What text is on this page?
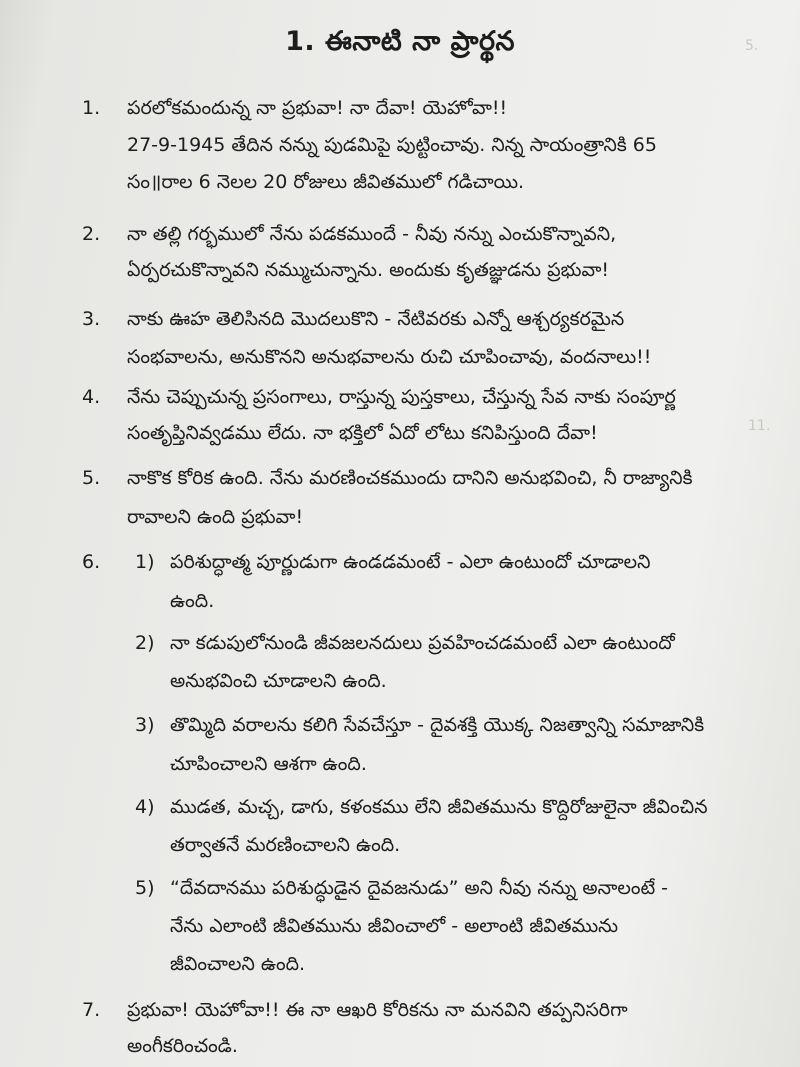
5.
11.
1. ఈనాటి నా ప్రార్థన
1. పరలోకమందున్న నా ప్రభువా! నా దేవా! యెహోవా!!
27-9-1945 తేదిన నన్ను పుడమిపై పుట్టించావు. నిన్న సాయంత్రానికి 65
సం॥రాల 6 నెలల 20 రోజులు జీవితములో గడిచాయి.
2. నా తల్లి గర్భములో నేను పడకముందే - నీవు నన్ను ఎంచుకొన్నావని,
ఏర్పరచుకొన్నావని నమ్ముచున్నాను. అందుకు కృతజ్ఞుడను ప్రభువా!
3. నాకు ఊహ తెలిసినది మొదలుకొని - నేటివరకు ఎన్నో ఆశ్చర్యకరమైన
సంభవాలను, అనుకొనని అనుభవాలను రుచి చూపించావు, వందనాలు!!
4. నేను చెప్పుచున్న ప్రసంగాలు, రాస్తున్న పుస్తకాలు, చేస్తున్న సేవ నాకు సంపూర్ణ
సంతృప్తినివ్వడము లేదు. నా భక్తిలో ఏదో లోటు కనిపిస్తుంది దేవా!
5. నాకొక కోరిక ఉంది. నేను మరణించకముందు దానిని అనుభవించి, నీ రాజ్యానికి
రావాలని ఉంది ప్రభువా!
6. 1) పరిశుద్ధాత్మ పూర్ణుడుగా ఉండడమంటే - ఎలా ఉంటుందో చూడాలని
ఉంది.
2) నా కడుపులోనుండి జీవజలనదులు ప్రవహించడమంటే ఎలా ఉంటుందో
అనుభవించి చూడాలని ఉంది.
3) తొమ్మిది వరాలను కలిగి సేవచేస్తూ - దైవశక్తి యొక్క నిజత్వాన్ని సమాజానికి
చూపించాలని ఆశగా ఉంది.
4) ముడత, మచ్చ, డాగు, కళంకము లేని జీవితమును కొద్దిరోజులైనా జీవించిన
తర్వాతనే మరణించాలని ఉంది.
5) “దేవదానము పరిశుద్ధుడైన దైవజనుడు” అని నీవు నన్ను అనాలంటే -
నేను ఎలాంటి జీవితమును జీవించాలో - అలాంటి జీవితమును
జీవించాలని ఉంది.
7. ప్రభువా! యెహోవా!! ఈ నా ఆఖరి కోరికను నా మనవిని తప్పనిసరిగా
అంగీకరించండి.
